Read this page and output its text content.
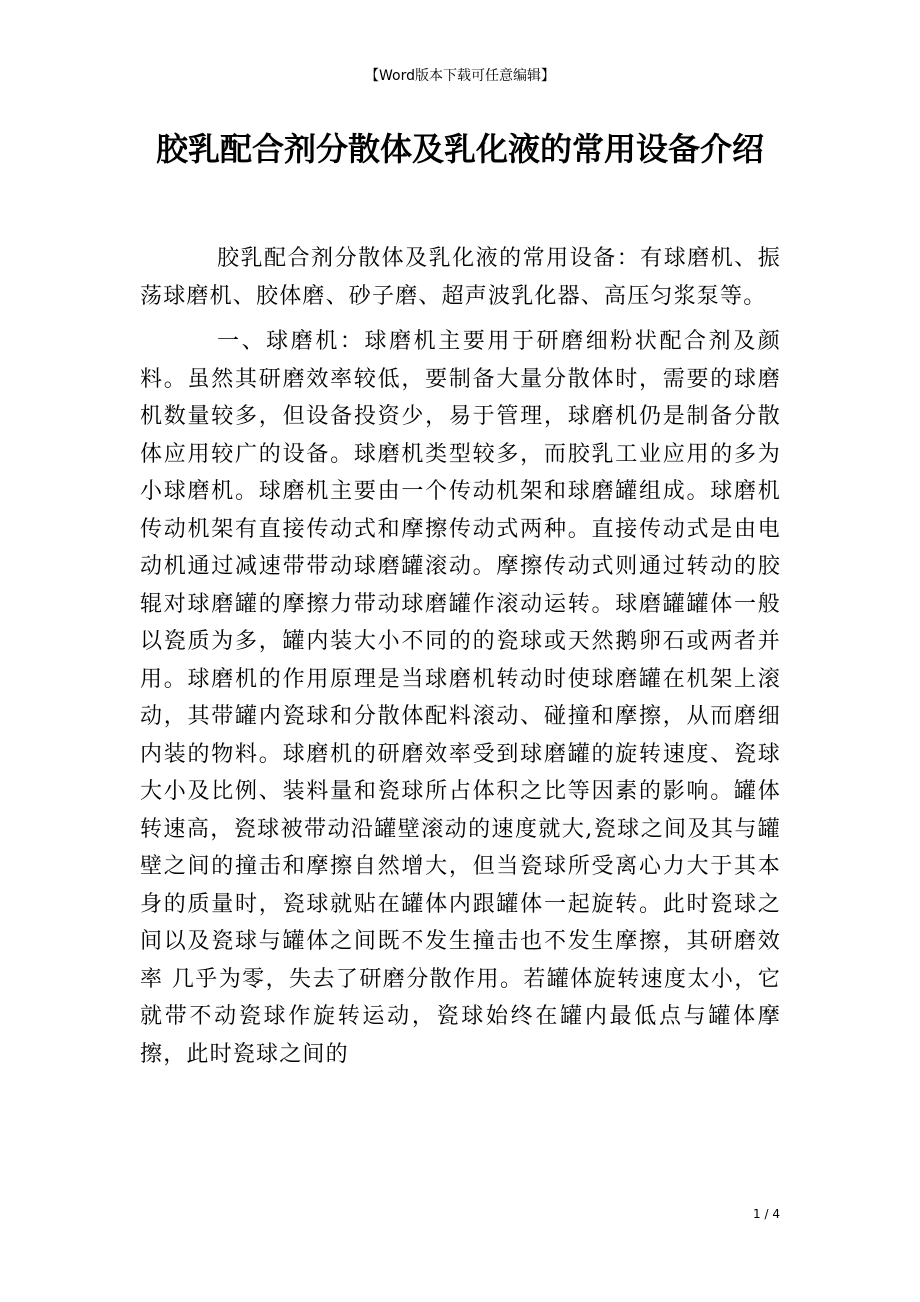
【Word版本下载可任意编辑】
胶乳配合剂分散体及乳化液的常用设备介绍

胶乳配合剂分散体及乳化液的常用设备：有球磨机、振荡球磨机、胶体磨、砂子磨、超声波乳化器、高压匀浆泵等。

一、球磨机：球磨机主要用于研磨细粉状配合剂及颜料。虽然其研磨效率较低，要制备大量分散体时，需要的球磨机数量较多，但设备投资少，易于管理，球磨机仍是制备分散体应用较广的设备。球磨机类型较多，而胶乳工业应用的多为小球磨机。球磨机主要由一个传动机架和球磨罐组成。球磨机传动机架有直接传动式和摩擦传动式两种。直接传动式是由电动机通过减速带带动球磨罐滚动。摩擦传动式则通过转动的胶辊对球磨罐的摩擦力带动球磨罐作滚动运转。球磨罐罐体一般以瓷质为多，罐内装大小不同的的瓷球或天然鹅卵石或两者并用。球磨机的作用原理是当球磨机转动时使球磨罐在机架上滚动，其带罐内瓷球和分散体配料滚动、碰撞和摩擦，从而磨细内装的物料。球磨机的研磨效率受到球磨罐的旋转速度、瓷球大小及比例、装料量和瓷球所占体积之比等因素的影响。罐体转速高，瓷球被带动沿罐壁滚动的速度就大,瓷球之间及其与罐壁之间的撞击和摩擦自然增大，但当瓷球所受离心力大于其本身的质量时，瓷球就贴在罐体内跟罐体一起旋转。此时瓷球之间以及瓷球与罐体之间既不发生撞击也不发生摩擦，其研磨效率 几乎为零，失去了研磨分散作用。若罐体旋转速度太小，它就带不动瓷球作旋转运动，瓷球始终在罐内最低点与罐体摩擦，此时瓷球之间的

1 / 4
